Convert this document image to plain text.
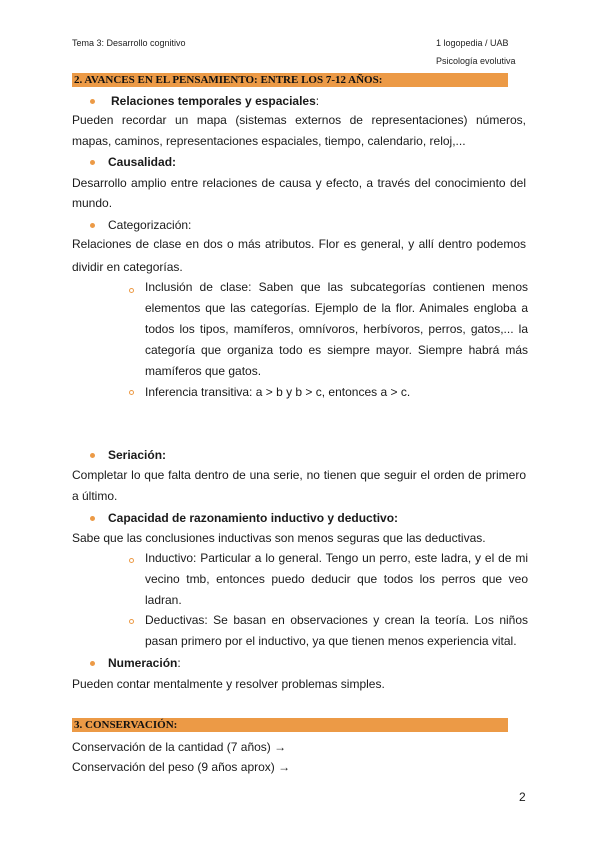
Tema 3: Desarrollo cognitivo	1 logopedia / UAB
Psicología evolutiva
2. AVANCES EN EL PENSAMIENTO: ENTRE LOS 7-12 AÑOS:
Relaciones temporales y espaciales:
Pueden recordar un mapa (sistemas externos de representaciones) números,
mapas, caminos, representaciones espaciales, tiempo, calendario, reloj,...
Causalidad:
Desarrollo amplio entre relaciones de causa y efecto, a través del conocimiento del
mundo.
Categorización:
Relaciones de clase en dos o más atributos. Flor es general, y allí dentro podemos
dividir en categorías.
Inclusión de clase: Saben que las subcategorías contienen menos
elementos que las categorías. Ejemplo de la flor. Animales engloba a
todos los tipos, mamíferos, omnívoros, herbívoros, perros, gatos,... la
categoría que organiza todo es siempre mayor. Siempre habrá más
mamíferos que gatos.
Inferencia transitiva: a > b y b > c, entonces a > c.
Seriación:
Completar lo que falta dentro de una serie, no tienen que seguir el orden de primero
a último.
Capacidad de razonamiento inductivo y deductivo:
Sabe que las conclusiones inductivas son menos seguras que las deductivas.
Inductivo: Particular a lo general. Tengo un perro, este ladra, y el de mi
vecino tmb, entonces puedo deducir que todos los perros que veo
ladran.
Deductivas: Se basan en observaciones y crean la teoría. Los niños
pasan primero por el inductivo, ya que tienen menos experiencia vital.
Numeración:
Pueden contar mentalmente y resolver problemas simples.
3. CONSERVACIÓN:
Conservación de la cantidad (7 años) →
Conservación del peso (9 años aprox) →
2
